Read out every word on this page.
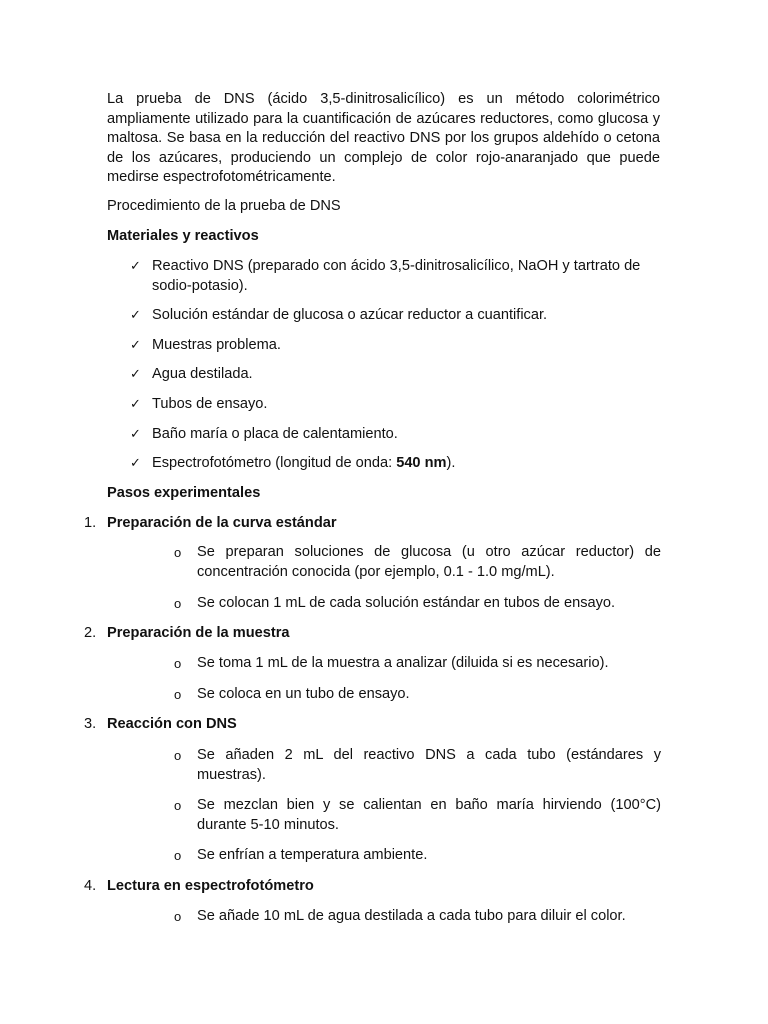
La prueba de DNS (ácido 3,5-dinitrosalicílico) es un método colorimétrico ampliamente utilizado para la cuantificación de azúcares reductores, como glucosa y maltosa. Se basa en la reducción del reactivo DNS por los grupos aldehído o cetona de los azúcares, produciendo un complejo de color rojo-anaranjado que puede medirse espectrofotométricamente.

Procedimiento de la prueba de DNS

Materiales y reactivos

✓ Reactivo DNS (preparado con ácido 3,5-dinitrosalicílico, NaOH y tartrato de sodio-potasio).
✓ Solución estándar de glucosa o azúcar reductor a cuantificar.
✓ Muestras problema.
✓ Agua destilada.
✓ Tubos de ensayo.
✓ Baño maría o placa de calentamiento.
✓ Espectrofotómetro (longitud de onda: 540 nm).

Pasos experimentales

1. Preparación de la curva estándar
o Se preparan soluciones de glucosa (u otro azúcar reductor) de concentración conocida (por ejemplo, 0.1 - 1.0 mg/mL).
o Se colocan 1 mL de cada solución estándar en tubos de ensayo.
2. Preparación de la muestra
o Se toma 1 mL de la muestra a analizar (diluida si es necesario).
o Se coloca en un tubo de ensayo.
3. Reacción con DNS
o Se añaden 2 mL del reactivo DNS a cada tubo (estándares y muestras).
o Se mezclan bien y se calientan en baño maría hirviendo (100°C) durante 5-10 minutos.
o Se enfrían a temperatura ambiente.
4. Lectura en espectrofotómetro
o Se añade 10 mL de agua destilada a cada tubo para diluir el color.
